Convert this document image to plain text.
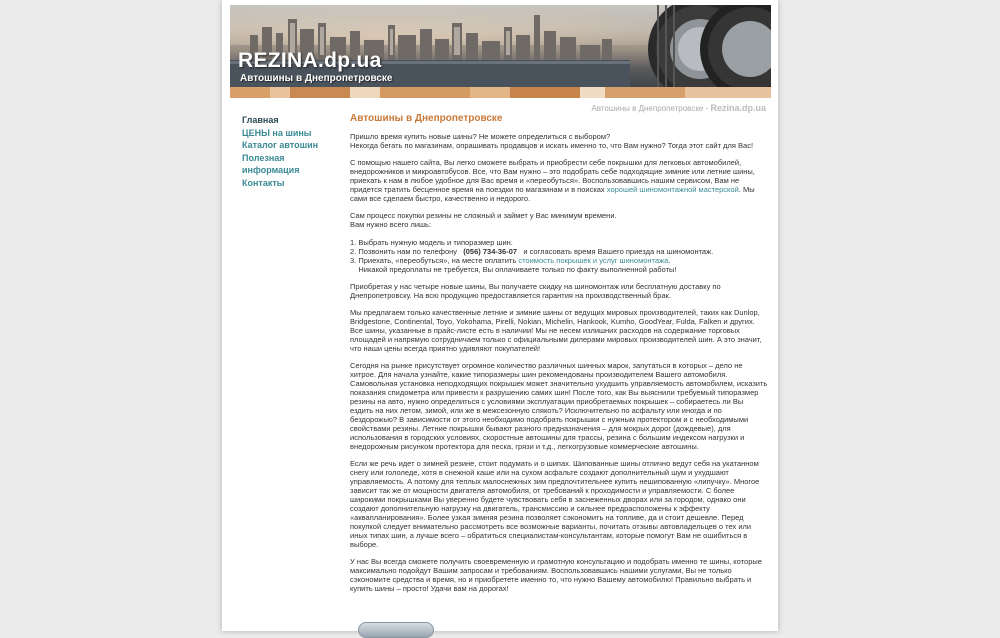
REZINA.dp.ua
Автошины в Днепропетровске
Автошины в Днепропетровске - Rezina.dp.ua
Главная
ЦЕНЫ на шины
Каталог автошин
Полезная информация
Контакты
Автошины в Днепропетровске

Пришло время купить новые шины? Не можете определиться с выбором?
Некогда бегать по магазинам, опрашивать продавцов и искать именно то, что Вам нужно? Тогда этот сайт для Вас!

С помощью нашего сайта, Вы легко сможете выбрать и приобрести себе покрышки для легковых автомобилей, внедорожников и микроавтобусов. Все, что Вам нужно – это подобрать себе подходящие зимние или летние шины, приехать к нам в любое удобное для Вас время и «переобуться». Воспользовавшись нашим сервисом, Вам не придется тратить бесценное время на поездки по магазинам и в поисках хорошей шиномонтажной мастерской. Мы сами все сделаем быстро, качественно и недорого.

Сам процесс покупки резины не сложный и займет у Вас минимум времени.
Вам нужно всего лишь:

1. Выбрать нужную модель и типоразмер шин.
2. Позвонить нам по телефону   (056) 734-36-07   и согласовать время Вашего приезда на шиномонтаж.
3. Приехать, «переобуться», на месте оплатить стоимость покрышек и услуг шиномонтажа.
Никакой предоплаты не требуется, Вы оплачиваете только по факту выполненной работы!

Приобретая у нас четыре новые шины, Вы получаете скидку на шиномонтаж или бесплатную доставку по Днепропетровску. На всю продукцию предоставляется гарантия на производственный брак.

Мы предлагаем только качественные летние и зимние шины от ведущих мировых производителей, таких как Dunlop, Bridgestone, Continental, Toyo, Yokohama, Pirelli, Nokian, Michelin, Hankook, Kumho, GoodYear, Fulda, Falken и других. Все шины, указанные в прайс-листе есть в наличии! Мы не несем излишних расходов на содержание торговых площадей и напрямую сотрудничаем только с официальными дилерами мировых производителей шин. А это значит, что наши цены всегда приятно удивляют покупателей!

Сегодня на рынке присутствует огромное количество различных шинных марок, запутаться в которых – дело не хитрое. Для начала узнайте, какие типоразмеры шин рекомендованы производителем Вашего автомобиля. Самовольная установка неподходящих покрышек может значительно ухудшить управляемость автомобилем, исказить показания спидометра или привести к разрушению самих шин! После того, как Вы выяснили требуемый типоразмер резины на авто, нужно определиться с условиями эксплуатации приобретаемых покрышек – собираетесь ли Вы ездить на них летом, зимой, или же в межсезонную слякоть? Исключительно по асфальту или иногда и по бездорожью? В зависимости от этого необходимо подобрать покрышки с нужным протектором и с необходимыми свойствами резины. Летние покрышки бывают разного предназначения – для мокрых дорог (дождевые), для использования в городских условиях, скоростные автошины для трассы, резина с большим индексом нагрузки и внедорожным рисунком протектора для песка, грязи и т.д., легкогрузовые коммерческие автошины.

Если же речь идет о зимней резине, стоит подумать и о шипах. Шипованные шины отлично ведут себя на укатанном снегу или гололеде, хотя в снежной каше или на сухом асфальте создают дополнительный шум и ухудшают управляемость. А потому для теплых малоснежных зим предпочтительнее купить нешипованную «липучку». Многое зависит так же от мощности двигателя автомобиля, от требований к проходимости и управляемости. С более широкими покрышками Вы уверенно будете чувствовать себя в заснеженных дворах или за городом, однако они создают дополнительную нагрузку на двигатель, трансмиссию и сильнее предрасположены к эффекту «аквапланирования». Более узкая зимняя резина позволяет сэкономить на топливе, да и стоит дешевле. Перед покупкой следует внимательно рассмотреть все возможные варианты, почитать отзывы автовладельцев о тех или иных типах шин, а лучше всего – обратиться специалистам-консультантам, которые помогут Вам не ошибиться в выборе.

У нас Вы всегда сможете получить своевременную и грамотную консультацию и подобрать именно те шины, которые максимально подойдут Вашим запросам и требованиям. Воспользовавшись нашими услугами, Вы не только сэкономите средства и время, но и приобретете именно то, что нужно Вашему автомобилю! Правильно выбрать и купить шины – просто! Удачи вам на дорогах!
